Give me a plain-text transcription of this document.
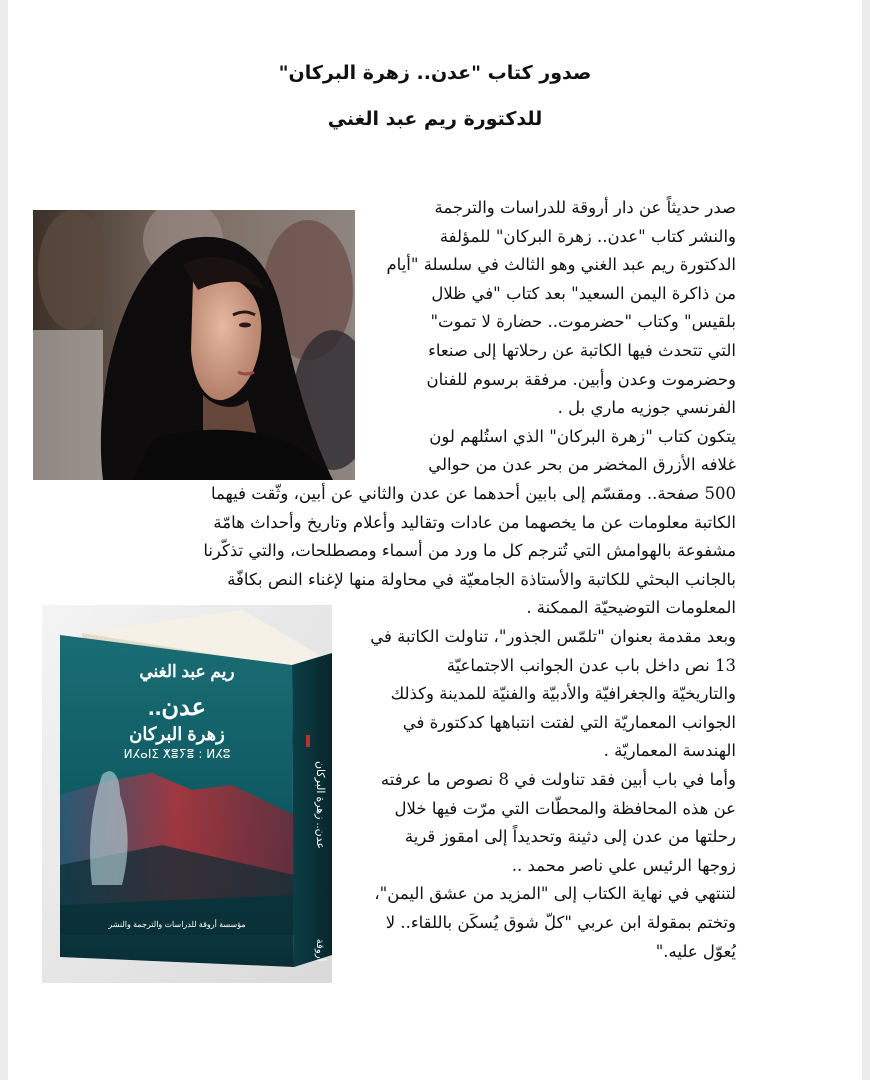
صدور كتاب "عدن.. زهرة البركان"
للدكتورة ريم عبد الغني
عدن.. زهرة البركان
أروقة
ريم عبد الغني
عدن..
زهرة البركان
ⵍⵃⴰⵏⵉ ⵅⴻⵢⴻ : ⵍⵃⵓ
مؤسسة أروقة للدراسات والترجمة والنشر
صدر حديثاً عن دار أروقة للدراسات والترجمة
والنشر كتاب "عدن.. زهرة البركان" للمؤلفة
الدكتورة ريم عبد الغني وهو الثالث في سلسلة "أيام
من ذاكرة اليمن السعيد" بعد كتاب "في ظلال
بلقيس" وكتاب "حضرموت.. حضارة لا تموت"
التي تتحدث فيها الكاتبة عن رحلاتها إلى صنعاء
وحضرموت وعدن وأبين. مرفقة برسوم للفنان
الفرنسي جوزيه ماري بل .
يتكون كتاب "زهرة البركان" الذي استُلهم لون
غلافه الأزرق المخضر من بحر عدن من حوالي
500 صفحة.. ومقسّم إلى بابين أحدهما عن عدن والثاني عن أبين، وثّقت فيهما
الكاتبة معلومات عن ما يخصهما من عادات وتقاليد وأعلام وتاريخ وأحداث هامّة
مشفوعة بالهوامش التي تُترجم كل ما ورد من أسماء ومصطلحات، والتي تذكّرنا
بالجانب البحثي للكاتبة والأستاذة الجامعيّة في محاولة منها لإغناء النص بكافّة
المعلومات التوضيحيّة الممكنة .
وبعد مقدمة بعنوان "تلمّس الجذور"، تناولت الكاتبة في
13 نص داخل باب عدن الجوانب الاجتماعيّة
والتاريخيّة والجغرافيّة والأدبيّة والفنيّة للمدينة وكذلك
الجوانب المعماريّة التي لفتت انتباهها كدكتورة في
الهندسة المعماريّة .
وأما في باب أبين فقد تناولت في 8 نصوص ما عرفته
عن هذه المحافظة والمحطّات التي مرّت فيها خلال
رحلتها من عدن إلى دثينة وتحديداً إلى امقوز قرية
زوجها الرئيس علي ناصر محمد ..
لتنتهي في نهاية الكتاب إلى "المزيد من عشق اليمن"،
وتختم بمقولة ابن عربي "كلّ شوق يُسكَن باللقاء.. لا
يُعوّل عليه."
